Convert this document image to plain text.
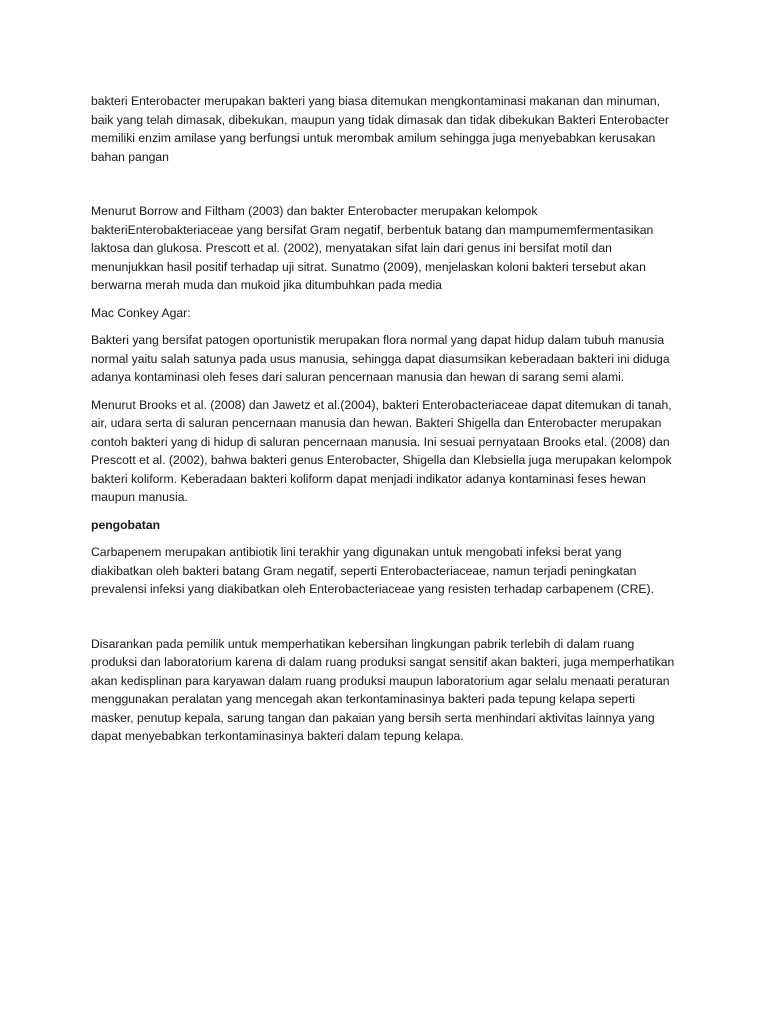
bakteri Enterobacter merupakan bakteri yang biasa ditemukan mengkontaminasi makanan dan minuman, baik yang telah dimasak, dibekukan, maupun yang tidak dimasak dan tidak dibekukan Bakteri Enterobacter memiliki enzim amilase yang berfungsi untuk merombak amilum sehingga juga menyebabkan kerusakan bahan pangan

Menurut Borrow and Filtham (2003) dan bakter Enterobacter merupakan kelompok bakteriEnterobakteriaceae yang bersifat Gram negatif, berbentuk batang dan mampumemfermentasikan laktosa dan glukosa. Prescott et al. (2002), menyatakan sifat lain dari genus ini bersifat motil dan menunjukkan hasil positif terhadap uji sitrat. Sunatmo (2009), menjelaskan koloni bakteri tersebut akan berwarna merah muda dan mukoid jika ditumbuhkan pada media

Mac Conkey Agar:

Bakteri yang bersifat patogen oportunistik merupakan flora normal yang dapat hidup dalam tubuh manusia normal yaitu salah satunya pada usus manusia, sehingga dapat diasumsikan keberadaan bakteri ini diduga adanya kontaminasi oleh feses dari saluran pencernaan manusia dan hewan di sarang semi alami.

Menurut Brooks et al. (2008) dan Jawetz et al.(2004), bakteri Enterobacteriaceae dapat ditemukan di tanah, air, udara serta di saluran pencernaan manusia dan hewan. Bakteri Shigella dan Enterobacter merupakan contoh bakteri yang di hidup di saluran pencernaan manusia. Ini sesuai pernyataan Brooks etal. (2008) dan Prescott et al. (2002), bahwa bakteri genus Enterobacter, Shigella dan Klebsiella juga merupakan kelompok bakteri koliform. Keberadaan bakteri koliform dapat menjadi indikator adanya kontaminasi feses hewan maupun manusia.

pengobatan

Carbapenem merupakan antibiotik lini terakhir yang digunakan untuk mengobati infeksi berat yang diakibatkan oleh bakteri batang Gram negatif, seperti Enterobacteriaceae, namun terjadi peningkatan prevalensi infeksi yang diakibatkan oleh Enterobacteriaceae yang resisten terhadap carbapenem (CRE).

Disarankan pada pemilik untuk memperhatikan kebersihan lingkungan pabrik terlebih di dalam ruang produksi dan laboratorium karena di dalam ruang produksi sangat sensitif akan bakteri, juga memperhatikan akan kedisplinan para karyawan dalam ruang produksi maupun laboratorium agar selalu menaati peraturan menggunakan peralatan yang mencegah akan terkontaminasinya bakteri pada tepung kelapa seperti masker, penutup kepala, sarung tangan dan pakaian yang bersih serta menhindari aktivitas lainnya yang dapat menyebabkan terkontaminasinya bakteri dalam tepung kelapa.
